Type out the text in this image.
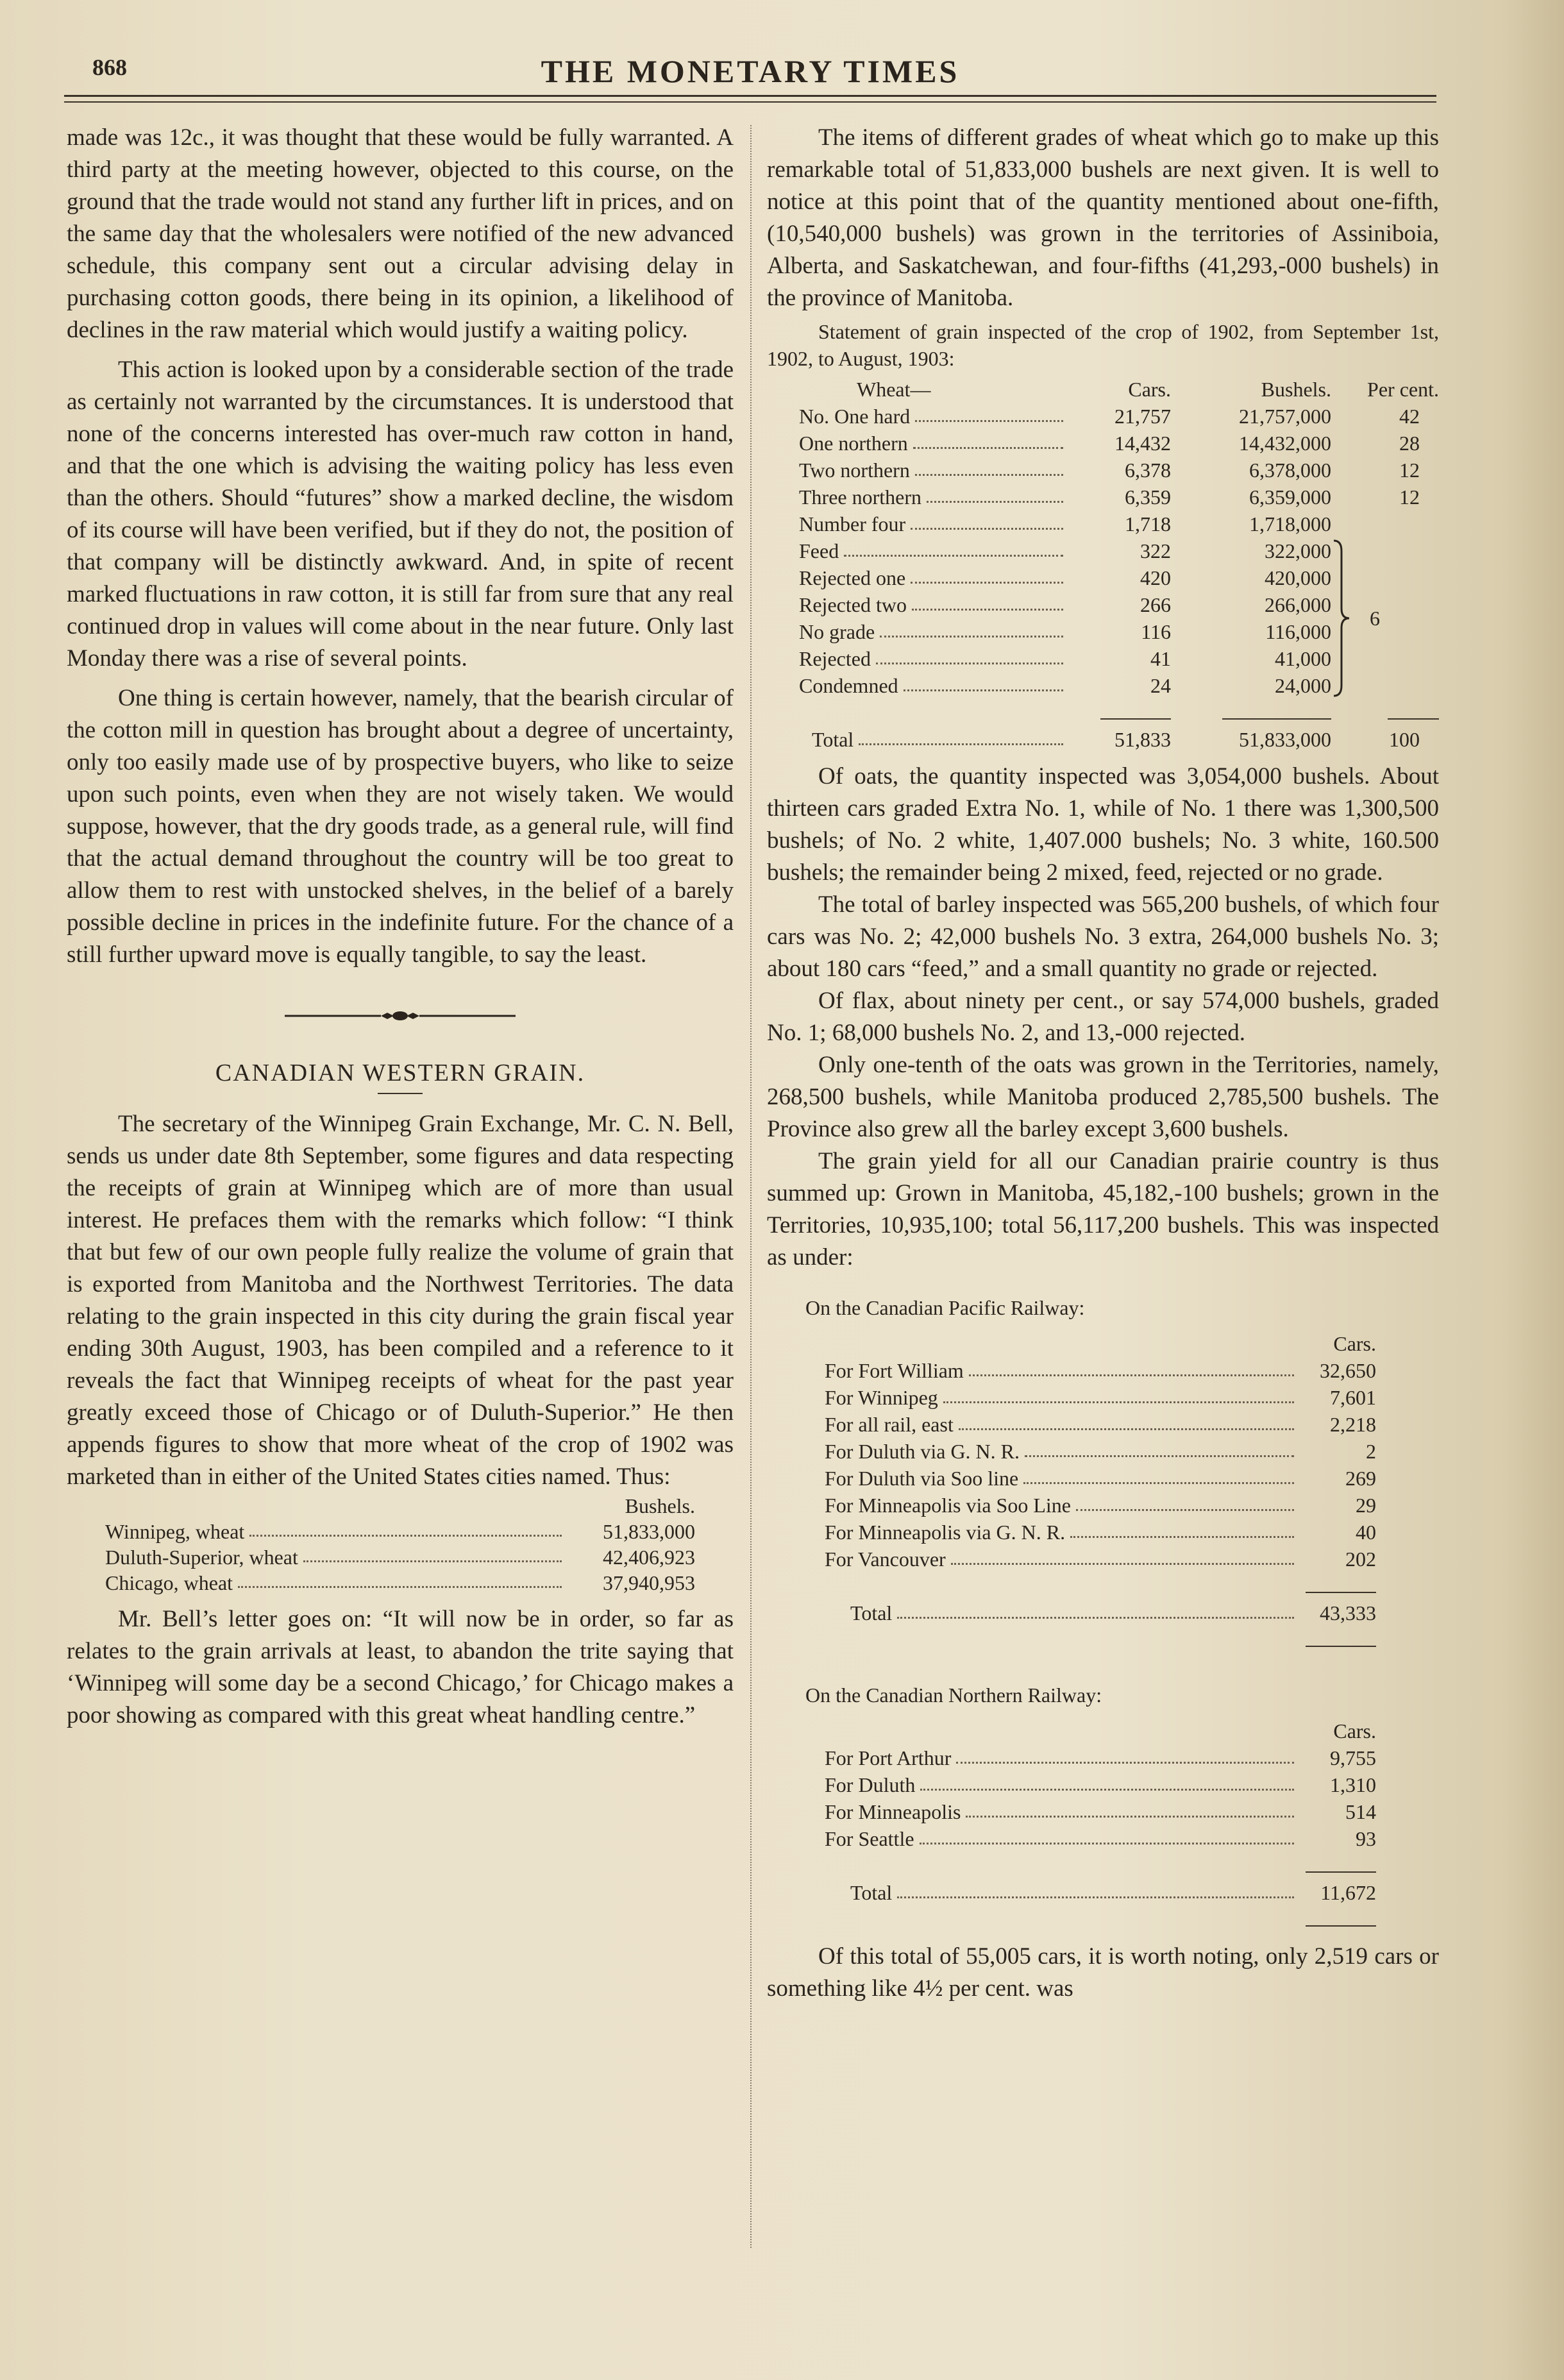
868	THE MONETARY TIMES

made was 12c., it was thought that these would be fully warranted. A third party at the meeting however, objected to this course, on the ground that the trade would not stand any further lift in prices, and on the same day that the wholesalers were notified of the new advanced schedule, this company sent out a circular advising delay in purchasing cotton goods, there being in its opinion, a likelihood of declines in the raw material which would justify a waiting policy.

This action is looked upon by a considerable section of the trade as certainly not warranted by the circumstances. It is understood that none of the concerns interested has over-much raw cotton in hand, and that the one which is advising the waiting policy has less even than the others. Should “futures” show a marked decline, the wisdom of its course will have been verified, but if they do not, the position of that company will be distinctly awkward. And, in spite of recent marked fluctuations in raw cotton, it is still far from sure that any real continued drop in values will come about in the near future. Only last Monday there was a rise of several points.

One thing is certain however, namely, that the bearish circular of the cotton mill in question has brought about a degree of uncertainty, only too easily made use of by prospective buyers, who like to seize upon such points, even when they are not wisely taken. We would suppose, however, that the dry goods trade, as a general rule, will find that the actual demand throughout the country will be too great to allow them to rest with unstocked shelves, in the belief of a barely possible decline in prices in the indefinite future. For the chance of a still further upward move is equally tangible, to say the least.

CANADIAN WESTERN GRAIN.

The secretary of the Winnipeg Grain Exchange, Mr. C. N. Bell, sends us under date 8th September, some figures and data respecting the receipts of grain at Winnipeg which are of more than usual interest. He prefaces them with the remarks which follow: “I think that but few of our own people fully realize the volume of grain that is exported from Manitoba and the Northwest Territories. The data relating to the grain inspected in this city during the grain fiscal year ending 30th August, 1903, has been compiled and a reference to it reveals the fact that Winnipeg receipts of wheat for the past year greatly exceed those of Chicago or of Duluth-Superior.” He then appends figures to show that more wheat of the crop of 1902 was marketed than in either of the United States cities named. Thus:

	Bushels.

Winnipeg, wheat	51,833,000

Duluth-Superior, wheat	42,406,923

Chicago, wheat	37,940,953

Mr. Bell’s letter goes on: “It will now be in order, so far as relates to the grain arrivals at least, to abandon the trite saying that ‘Winnipeg will some day be a second Chicago,’ for Chicago makes a poor showing as compared with this great wheat handling centre.”

The items of different grades of wheat which go to make up this remarkable total of 51,833,000 bushels are next given. It is well to notice at this point that of the quantity mentioned about one-fifth, (10,540,000 bushels) was grown in the territories of Assiniboia, Alberta, and Saskatchewan, and four-fifths (41,293,-000 bushels) in the province of Manitoba.

Statement of grain inspected of the crop of 1902, from September 1st, 1902, to August, 1903:

Wheat—	Cars.	Bushels.	Per cent.

No. One hard	21,757	21,757,000	42

One northern	14,432	14,432,000	28

Two northern	6,378	6,378,000	12

Three northern	6,359	6,359,000	12

Number four	1,718	1,718,000	

Feed	322	322,000	6

Rejected one	420	420,000	

Rejected two	266	266,000	

No grade	116	116,000	

Rejected	41	41,000	

Condemned	24	24,000	

Total	51,833	51,833,000	100

Of oats, the quantity inspected was 3,054,000 bushels. About thirteen cars graded Extra No. 1, while of No. 1 there was 1,300,500 bushels; of No. 2 white, 1,407.000 bushels; No. 3 white, 160.500 bushels; the remainder being 2 mixed, feed, rejected or no grade.

The total of barley inspected was 565,200 bushels, of which four cars was No. 2; 42,000 bushels No. 3 extra, 264,000 bushels No. 3; about 180 cars “feed,” and a small quantity no grade or rejected.

Of flax, about ninety per cent., or say 574,000 bushels, graded No. 1; 68,000 bushels No. 2, and 13,-000 rejected.

Only one-tenth of the oats was grown in the Territories, namely, 268,500 bushels, while Manitoba produced 2,785,500 bushels. The Province also grew all the barley except 3,600 bushels.

The grain yield for all our Canadian prairie country is thus summed up: Grown in Manitoba, 45,182,-100 bushels; grown in the Territories, 10,935,100; total 56,117,200 bushels. This was inspected as under:

On the Canadian Pacific Railway:
	Cars.

For Fort William	32,650

For Winnipeg	7,601

For all rail, east	2,218

For Duluth via G. N. R.	2

For Duluth via Soo line	269

For Minneapolis via Soo Line	29

For Minneapolis via G. N. R.	40

For Vancouver	202

Total	43,333

On the Canadian Northern Railway:
	Cars.

For Port Arthur	9,755

For Duluth	1,310

For Minneapolis	514

For Seattle	93

Total	11,672

Of this total of 55,005 cars, it is worth noting, only 2,519 cars or something like 4½ per cent. was
